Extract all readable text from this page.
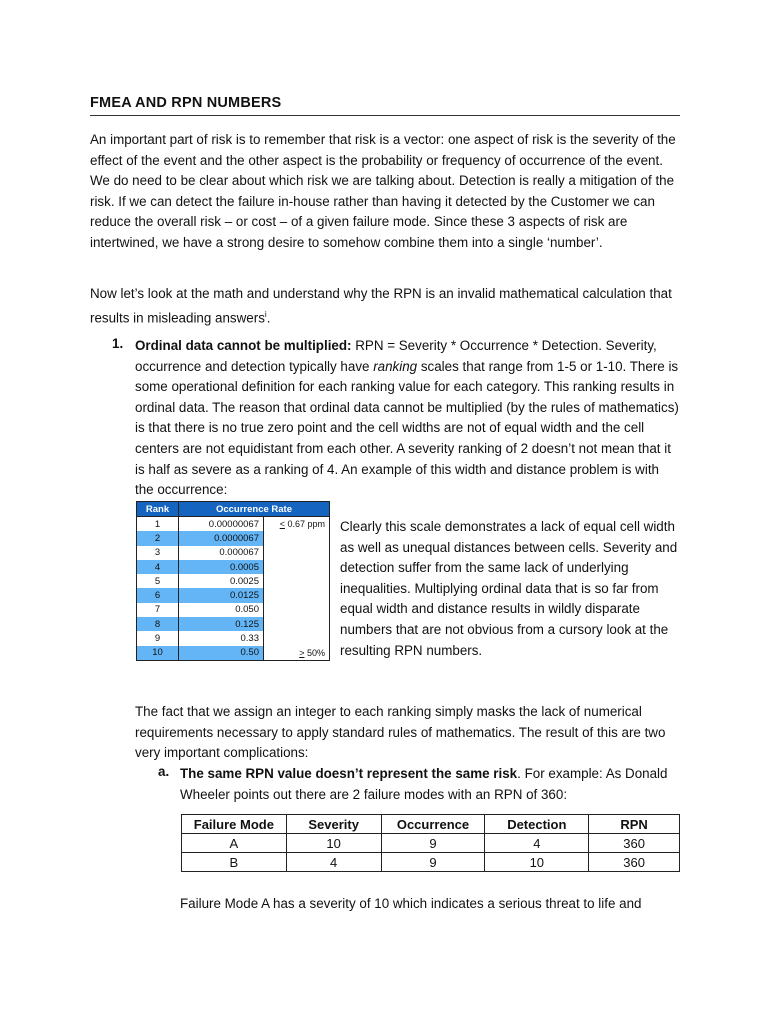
FMEA AND RPN NUMBERS

An important part of risk is to remember that risk is a vector: one aspect of risk is the severity of the effect of the event and the other aspect is the probability or frequency of occurrence of the event. We do need to be clear about which risk we are talking about. Detection is really a mitigation of the risk. If we can detect the failure in-house rather than having it detected by the Customer we can reduce the overall risk – or cost – of a given failure mode. Since these 3 aspects of risk are intertwined, we have a strong desire to somehow combine them into a single ‘number’.

Now let’s look at the math and understand why the RPN is an invalid mathematical calculation that results in misleading answers$^i$.

1. Ordinal data cannot be multiplied: RPN = Severity * Occurrence * Detection. Severity, occurrence and detection typically have ranking scales that range from 1-5 or 1-10. There is some operational definition for each ranking value for each category. This ranking results in ordinal data. The reason that ordinal data cannot be multiplied (by the rules of mathematics) is that there is no true zero point and the cell widths are not of equal width and the cell centers are not equidistant from each other. A severity ranking of 2 doesn’t not mean that it is half as severe as a ranking of 4. An example of this width and distance problem is with the occurrence:

Rank	Occurrence Rate	
1	0.00000067	< 0.67 ppm
2	0.0000067	
3	0.000067	
4	0.0005	
5	0.0025	
6	0.0125	
7	0.050	
8	0.125	
9	0.33	
10	0.50	> 50%

Clearly this scale demonstrates a lack of equal cell width as well as unequal distances between cells. Severity and detection suffer from the same lack of underlying inequalities. Multiplying ordinal data that is so far from equal width and distance results in wildly disparate numbers that are not obvious from a cursory look at the resulting RPN numbers.

The fact that we assign an integer to each ranking simply masks the lack of numerical requirements necessary to apply standard rules of mathematics. The result of this are two very important complications:

a. The same RPN value doesn’t represent the same risk. For example: As Donald Wheeler points out there are 2 failure modes with an RPN of 360:

Failure Mode	Severity	Occurrence	Detection	RPN
A	10	9	4	360
B	4	9	10	360

Failure Mode A has a severity of 10 which indicates a serious threat to life and
